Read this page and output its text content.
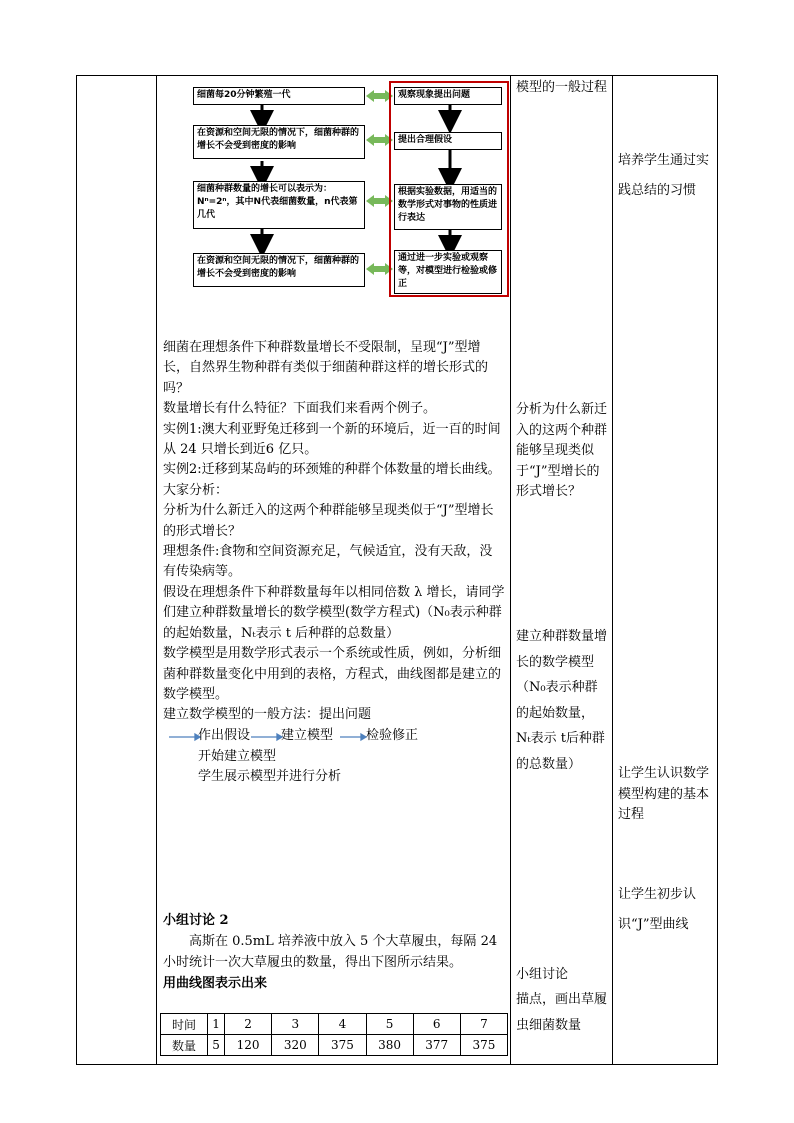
细菌每20分钟繁殖一代
在资源和空间无限的情况下，细菌种群的增长不会受到密度的影响
细菌种群数量的增长可以表示为：Nⁿ=2ⁿ，其中N代表细菌数量，n代表第几代
在资源和空间无限的情况下，细菌种群的增长不会受到密度的影响
观察现象提出问题
提出合理假设
根据实验数据，用适当的数学形式对事物的性质进行表达
通过进一步实验或观察等，对模型进行检验或修正
细菌在理想条件下种群数量增长不受限制，呈现“J”型增长，自然界生物种群有类似于细菌种群这样的增长形式的吗？
数量增长有什么特征？下面我们来看两个例子。
实例1:澳大利亚野兔迁移到一个新的环境后，近一百的时间从 24 只增长到近6 亿只。
实例2:迁移到某岛屿的环颈雉的种群个体数量的增长曲线。
大家分析：
分析为什么新迁入的这两个种群能够呈现类似于“J”型增长的形式增长？
理想条件:食物和空间资源充足，气候适宜，没有天敌，没有传染病等。
假设在理想条件下种群数量每年以相同倍数 λ 增长，请同学们建立种群数量增长的数学模型(数学方程式)（N₀表示种群的起始数量，Nₜ表示 t 后种群的总数量）
数学模型是用数学形式表示一个系统或性质，例如，分析细菌种群数量变化中用到的表格，方程式，曲线图都是建立的数学模型。
建立数学模型的一般方法：提出问题
作出假设 建立模型	检验修正
开始建立模型
学生展示模型并进行分析
小组讨论 2
高斯在 0.5mL 培养液中放入 5 个大草履虫，每隔 24 小时统计一次大草履虫的数量，得出下图所示结果。
用曲线图表示出来
时间	1	2	3	4	5	6	7
数量	5	120	320	375	380	377	375
模型的一般过程
分析为什么新迁入的这两个种群能够呈现类似于“J”型增长的形式增长？
建立种群数量增长的数学模型（N₀表示种群的起始数量，Nₜ表示 t后种群的总数量）
小组讨论
描点，画出草履虫细菌数量
培养学生通过实践总结的习惯
让学生认识数学模型构建的基本过程
让学生初步认识“J”型曲线
